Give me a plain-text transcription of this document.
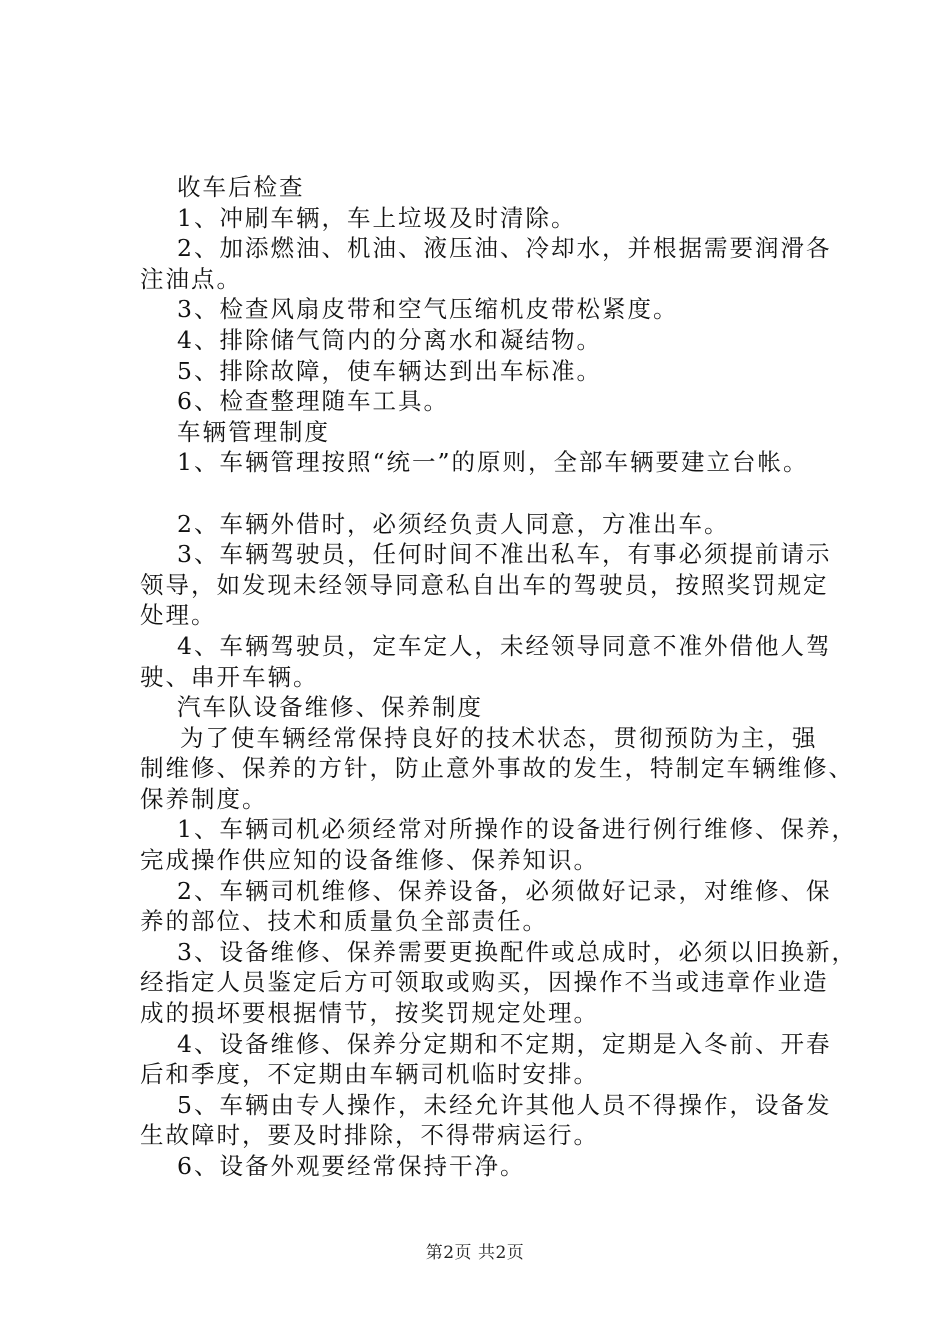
收车后检查

1、冲刷车辆，车上垃圾及时清除。

2、加添燃油、机油、液压油、冷却水，并根据需要润滑各

注油点。

3、检查风扇皮带和空气压缩机皮带松紧度。

4、排除储气筒内的分离水和凝结物。

5、排除故障，使车辆达到出车标准。

6、检查整理随车工具。

车辆管理制度

1、车辆管理按照“统一”的原则，全部车辆要建立台帐。

2、车辆外借时，必须经负责人同意，方准出车。

3、车辆驾驶员，任何时间不准出私车，有事必须提前请示

领导，如发现未经领导同意私自出车的驾驶员，按照奖罚规定

处理。

4、车辆驾驶员，定车定人，未经领导同意不准外借他人驾

驶、串开车辆。

汽车队设备维修、保养制度

为了使车辆经常保持良好的技术状态，贯彻预防为主，强

制维修、保养的方针，防止意外事故的发生，特制定车辆维修、

保养制度。

1、车辆司机必须经常对所操作的设备进行例行维修、保养，

完成操作供应知的设备维修、保养知识。

2、车辆司机维修、保养设备，必须做好记录，对维修、保

养的部位、技术和质量负全部责任。

3、设备维修、保养需要更换配件或总成时，必须以旧换新，

经指定人员鉴定后方可领取或购买，因操作不当或违章作业造

成的损坏要根据情节，按奖罚规定处理。

4、设备维修、保养分定期和不定期，定期是入冬前、开春

后和季度，不定期由车辆司机临时安排。

5、车辆由专人操作，未经允许其他人员不得操作，设备发

生故障时，要及时排除，不得带病运行。

6、设备外观要经常保持干净。

第2页 共2页
